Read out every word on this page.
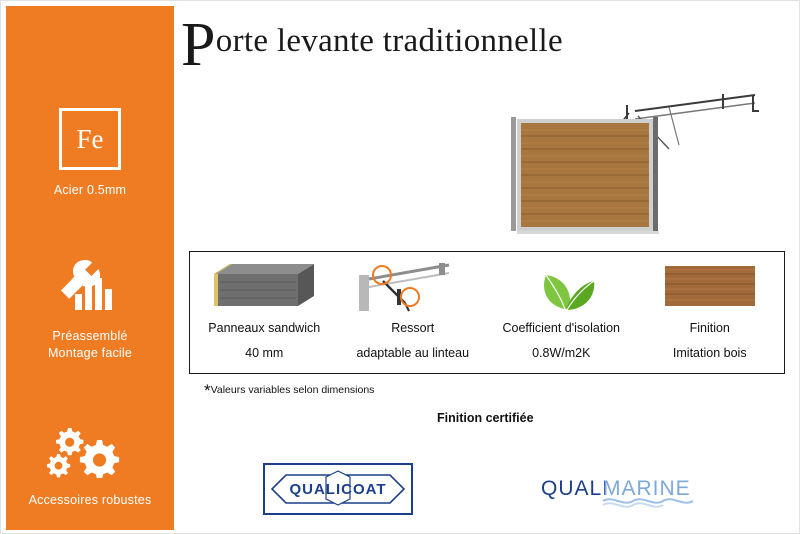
Fe
Acier 0.5mm
Préassemblé
Montage facile
Accessoires robustes
Porte levante traditionnelle
Panneaux sandwich
40 mm
Ressort
adaptable au linteau
Coefficient d'isolation
0.8W/m2K
Finition
Imitation bois
*Valeurs variables selon dimensions
Finition certifiée
QUALICOAT	QUALI
MARINE
